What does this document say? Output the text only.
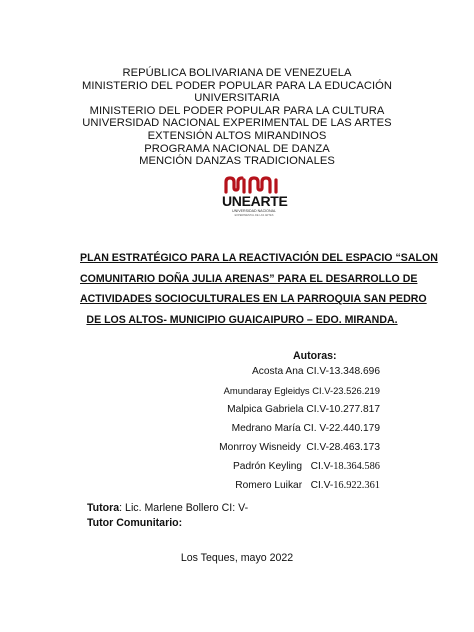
REPÚBLICA BOLIVARIANA DE VENEZUELA
MINISTERIO DEL PODER POPULAR PARA LA EDUCACIÓN
UNIVERSITARIA
MINISTERIO DEL PODER POPULAR PARA LA CULTURA
UNIVERSIDAD NACIONAL EXPERIMENTAL DE LAS ARTES
EXTENSIÓN ALTOS MIRANDINOS
PROGRAMA NACIONAL DE DANZA
MENCIÓN DANZAS TRADICIONALES
UNEARTE
UNIVERSIDAD NACIONAL
EXPERIMENTAL DE LAS ARTES
PLAN ESTRATÉGICO PARA LA REACTIVACIÓN DEL ESPACIO “SALON
COMUNITARIO DOÑA JULIA ARENAS” PARA EL DESARROLLO DE
ACTIVIDADES SOCIOCULTURALES EN LA PARROQUIA SAN PEDRO
DE LOS ALTOS- MUNICIPIO GUAICAIPURO – EDO. MIRANDA.
Autoras:
Acosta Ana CI.V-13.348.696
Amundaray Egleidys CI.V-23.526.219
Malpica Gabriela CI.V-10.277.817
Medrano María CI. V-22.440.179
Monrroy Wisneidy  CI.V-28.463.173
Padrón Keyling   CI.V-18.364.586
Romero Luikar   CI.V-16.922.361
Tutora: Lic. Marlene Bollero CI: V-
Tutor Comunitario:
Los Teques, mayo 2022
